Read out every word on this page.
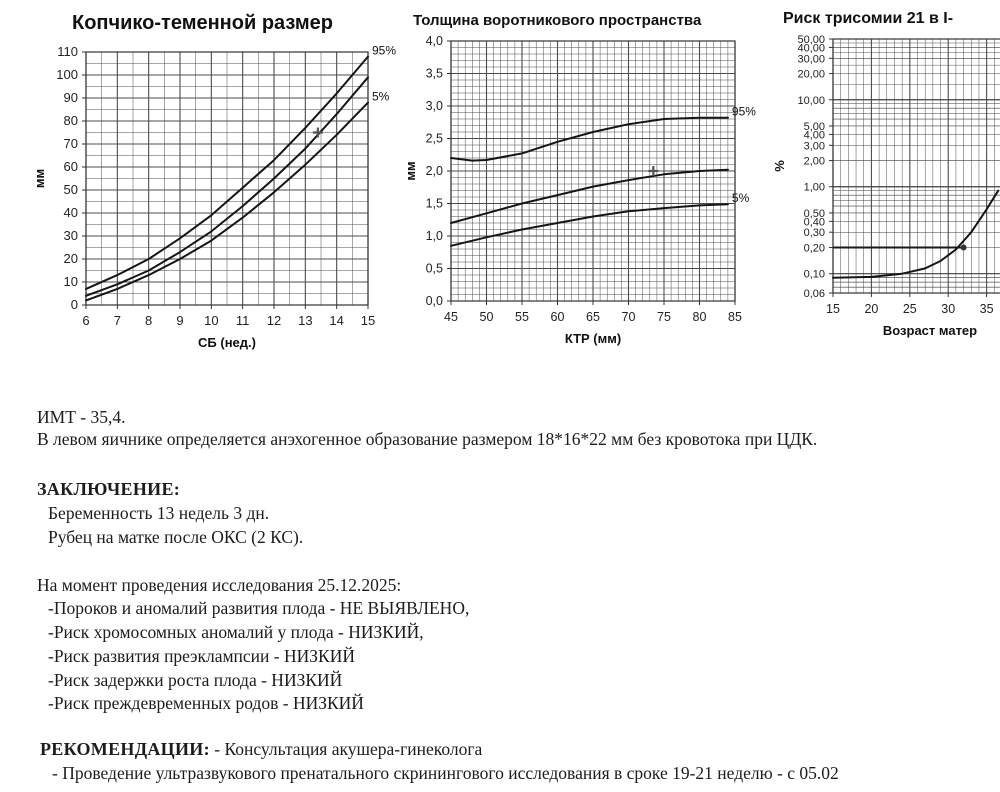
Копчико-теменной размер
6 7 8 9 10 11 12 13 14 15
0
10
20
30
40
50
60
70
80
90
100
110
СБ (нед.)
мм
95%
5%
Толщина воротникового пространства
45 50 55 60 65 70 75 80 85
0,0
0,5
1,0
1,5
2,0
2,5
3,0
3,5
4,0
КТР (мм)
мм
95%
5%
Риск трисомии 21 в I-
15 20 25 30 35
0,06
0,10
0,20
0,30
0,40
0,50
1,00
2,00
3,00
4,00
5,00
10,00
20,00
30,00
40,00
50,00
Возраст матер
%
ИМТ - 35,4.
В левом яичнике определяется анэхогенное образование размером 18*16*22 мм без кровотока при ЦДК.
ЗАКЛЮЧЕНИЕ:
Беременность 13 недель 3 дн.
Рубец на матке после ОКС (2 КС).
На момент проведения исследования 25.12.2025:
-Пороков и аномалий развития плода - НЕ ВЫЯВЛЕНО,
-Риск хромосомных аномалий у плода - НИЗКИЙ,
-Риск развития преэклампсии - НИЗКИЙ
-Риск задержки роста плода - НИЗКИЙ
-Риск преждевременных родов - НИЗКИЙ
РЕКОМЕНДАЦИИ: - Консультация акушера-гинеколога
- Проведение ультразвукового пренатального скринингового исследования в сроке 19-21 неделю - с 05.02
